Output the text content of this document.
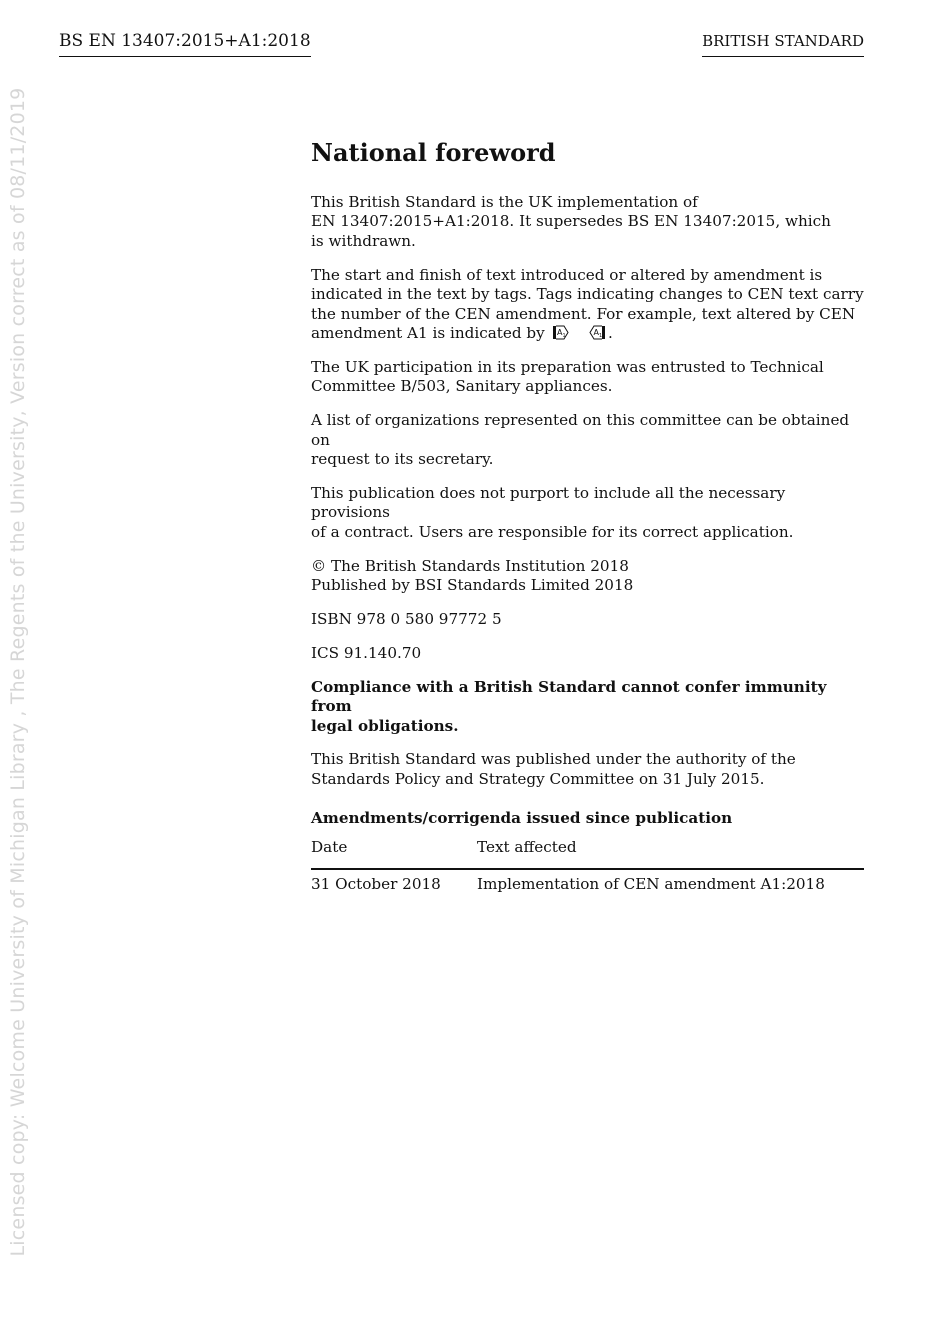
BS EN 13407:2015+A1:2018	BRITISH STANDARD
Licensed copy: Welcome University of Michigan Library , The Regents of the University, Version correct as of 08/11/2019	National foreword

This British Standard is the UK implementation of
EN 13407:2015+A1:2018. It supersedes BS EN 13407:2015, which
is withdrawn.

The start and finish of text introduced or altered by amendment is
indicated in the text by tags. Tags indicating changes to CEN text carry
the number of the CEN amendment. For example, text altered by CEN
amendment A1 is indicated by A 1
	A 1 .

The UK participation in its preparation was entrusted to Technical
Committee B/503, Sanitary appliances.

A list of organizations represented on this committee can be obtained on
request to its secretary.

This publication does not purport to include all the necessary provisions
of a contract. Users are responsible for its correct application.

© The British Standards Institution 2018
Published by BSI Standards Limited 2018

ISBN 978 0 580 97772 5

ICS 91.140.70

Compliance with a British Standard cannot confer immunity from
legal obligations.

This British Standard was published under the authority of the
Standards Policy and Strategy Committee on 31 July 2015.

Amendments/corrigenda issued since publication
Date	Text affected
31 October 2018	Implementation of CEN amendment A1:2018
